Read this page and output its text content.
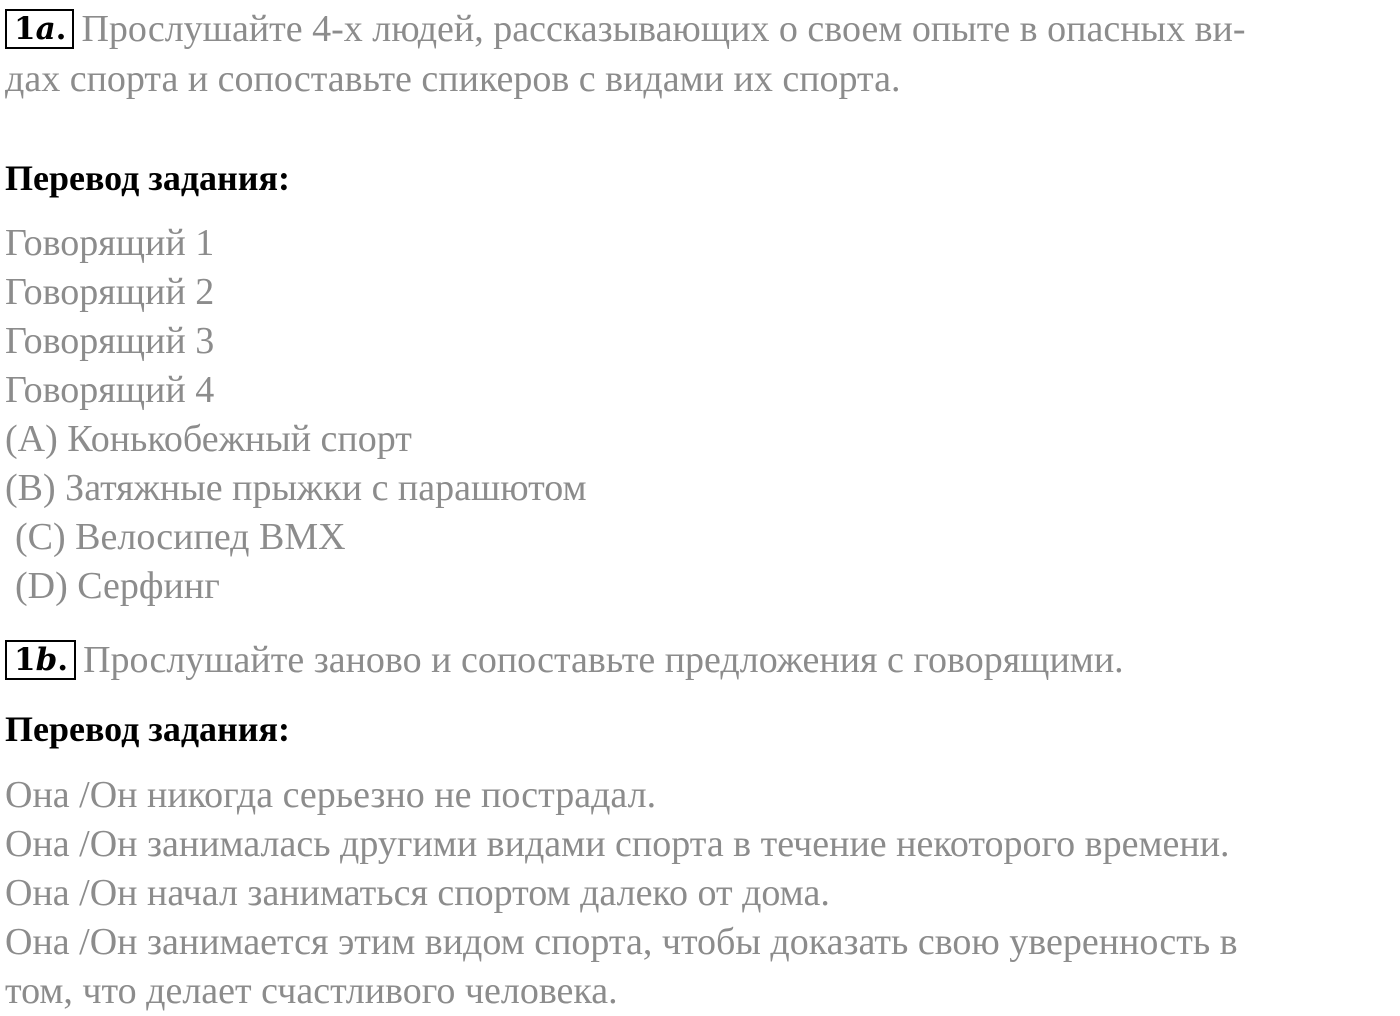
1a. Прослушайте 4-х людей, рассказывающих о своем опыте в опасных ви-
дах спорта и сопоставьте спикеров с видами их спорта.
Перевод задания:
Говорящий 1
Говорящий 2
Говорящий 3
Говорящий 4
(A) Конькобежный спорт
(B) Затяжные прыжки с парашютом
(C) Велосипед BMX
(D) Серфинг
1b. Прослушайте заново и сопоставьте предложения с говорящими.
Перевод задания:
Она /Он никогда серьезно не пострадал.
Она /Он занималась другими видами спорта в течение некоторого времени.
Она /Он начал заниматься спортом далеко от дома.
Она /Он занимается этим видом спорта, чтобы доказать свою уверенность в
том, что делает счастливого человека.
